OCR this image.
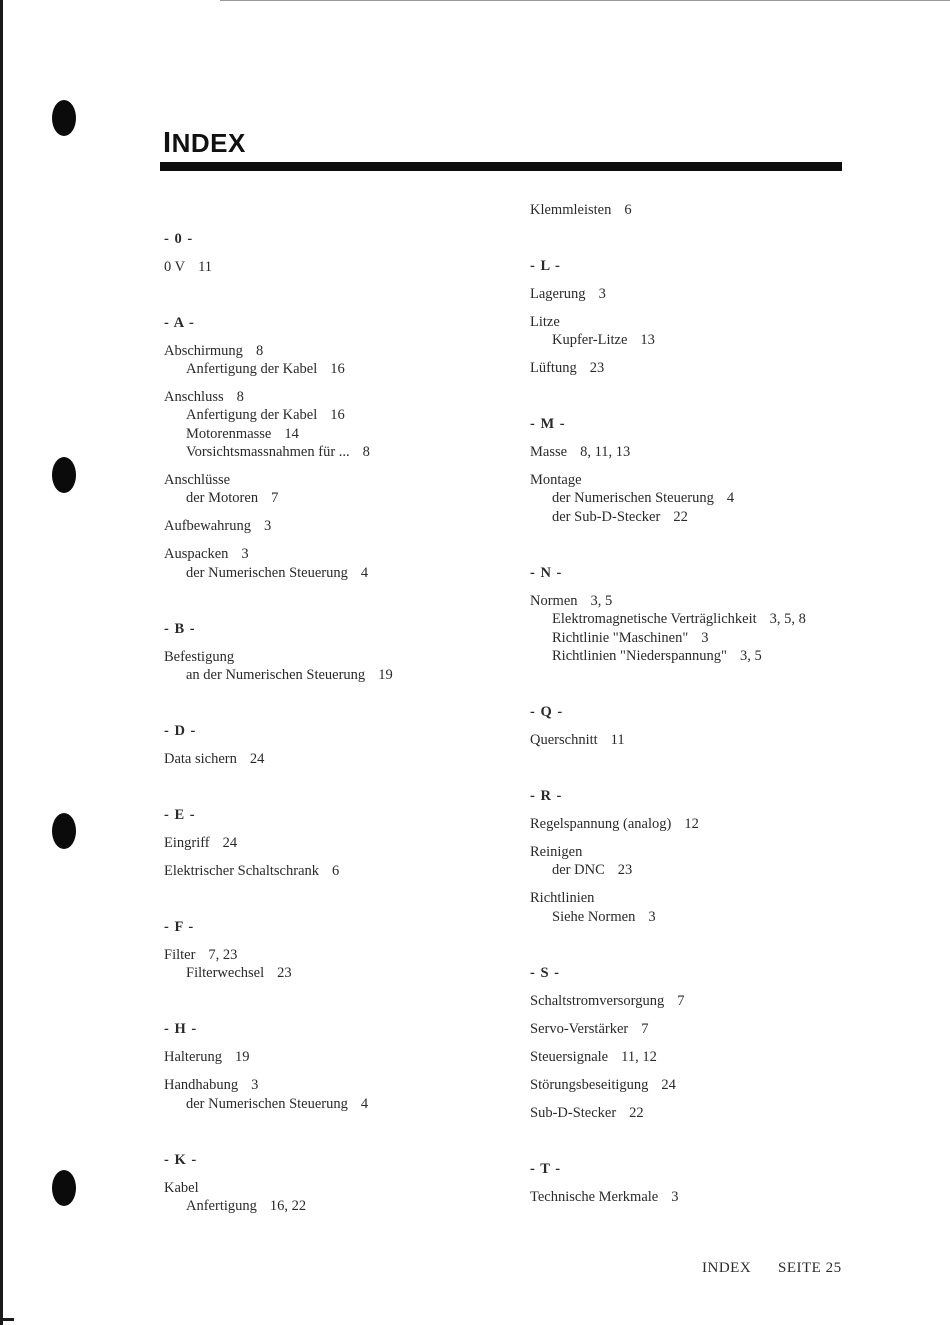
INDEX
- 0 -
0 V 11
- A -
Abschirmung 8
Anfertigung der Kabel 16
Anschluss 8
Anfertigung der Kabel 16
Motorenmasse 14
Vorsichtsmassnahmen für ... 8
Anschlüsse
der Motoren 7
Aufbewahrung 3
Auspacken 3
der Numerischen Steuerung 4
- B -
Befestigung
an der Numerischen Steuerung 19
- D -
Data sichern 24
- E -
Eingriff 24
Elektrischer Schaltschrank 6
- F -
Filter 7, 23
Filterwechsel 23
- H -
Halterung 19
Handhabung 3
der Numerischen Steuerung 4
- K -
Kabel
Anfertigung 16, 22
Klemmleisten 6
- L -
Lagerung 3
Litze
Kupfer-Litze 13
Lüftung 23
- M -
Masse 8, 11, 13
Montage
der Numerischen Steuerung 4
der Sub-D-Stecker 22
- N -
Normen 3, 5
Elektromagnetische Verträglichkeit 3, 5, 8
Richtlinie "Maschinen" 3
Richtlinien "Niederspannung" 3, 5
- Q -
Querschnitt 11
- R -
Regelspannung (analog) 12
Reinigen
der DNC 23
Richtlinien
Siehe Normen 3
- S -
Schaltstromversorgung 7
Servo-Verstärker 7
Steuersignale 11, 12
Störungsbeseitigung 24
Sub-D-Stecker 22
- T -
Technische Merkmale 3
INDEX SEITE 25
